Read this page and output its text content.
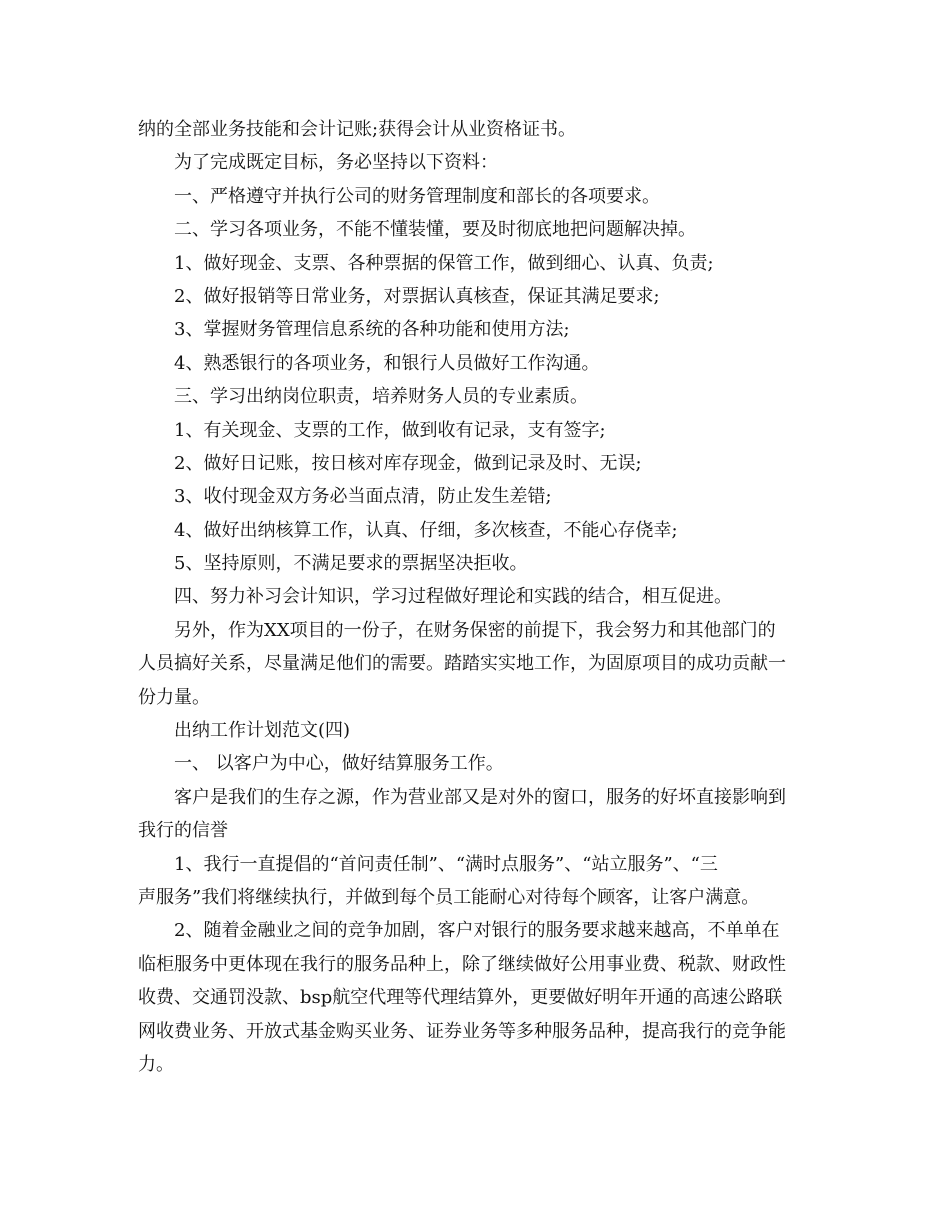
纳的全部业务技能和会计记账;获得会计从业资格证书。
为了完成既定目标，务必坚持以下资料：
一、严格遵守并执行公司的财务管理制度和部长的各项要求。
二、学习各项业务，不能不懂装懂，要及时彻底地把问题解决掉。
1、做好现金、支票、各种票据的保管工作，做到细心、认真、负责;
2、做好报销等日常业务，对票据认真核查，保证其满足要求;
3、掌握财务管理信息系统的各种功能和使用方法;
4、熟悉银行的各项业务，和银行人员做好工作沟通。
三、学习出纳岗位职责，培养财务人员的专业素质。
1、有关现金、支票的工作，做到收有记录，支有签字;
2、做好日记账，按日核对库存现金，做到记录及时、无误;
3、收付现金双方务必当面点清，防止发生差错;
4、做好出纳核算工作，认真、仔细，多次核查，不能心存侥幸;
5、坚持原则，不满足要求的票据坚决拒收。
四、努力补习会计知识，学习过程做好理论和实践的结合，相互促进。
另外，作为XX项目的一份子，在财务保密的前提下，我会努力和其他部门的
人员搞好关系，尽量满足他们的需要。踏踏实实地工作，为固原项目的成功贡献一
份力量。
出纳工作计划范文(四)
一、 以客户为中心，做好结算服务工作。
客户是我们的生存之源，作为营业部又是对外的窗口，服务的好坏直接影响到
我行的信誉
1、我行一直提倡的“首问责任制”、“满时点服务”、“站立服务”、“三
声服务”我们将继续执行，并做到每个员工能耐心对待每个顾客，让客户满意。
2、随着金融业之间的竞争加剧，客户对银行的服务要求越来越高，不单单在
临柜服务中更体现在我行的服务品种上，除了继续做好公用事业费、税款、财政性
收费、交通罚没款、bsp航空代理等代理结算外，更要做好明年开通的高速公路联
网收费业务、开放式基金购买业务、证券业务等多种服务品种，提高我行的竞争能
力。
